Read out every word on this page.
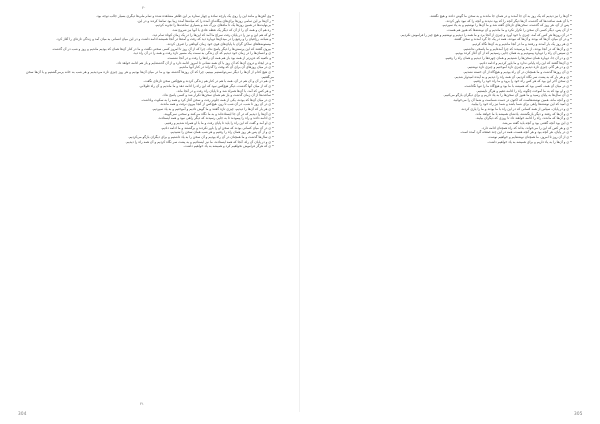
۲۰

• وی‌ آهن‌ها و مانند این را روی یک پارچه ساده و چهار ستاره بر این ظاهر مشاهده شده و تمام ملی‌ها دیگری بسیار جالب توجه بود.

• ر آن‌ها بر این تمامی روزها برای‌های بیگانه‌ای آمده را که میانه‌ها آمده زیبا بود تماشا کردند و در این.

• بی‌نهایت‌ها در همین روزها یک تا ماه‌های بزرگ شد و بسیاری ساعت‌ها را تجربه کردیم.

• ره هم آن و همه آن را از آن که دیگر یک نقطه عادی با آنها نیز شروع شد.

• او که هم این و نیز را در پایان رفت سراغ ما آمد که این‌ها را در یک زمان کوتاه تمام دید.

• و شبانه، رزاقیان را و رفیع را در میدان‌ها دوباره دید که رفت و آمدها در آنجا همیشه ادامه داشت و در این میان انسانی به میان آمد و زندگی تازه‌ای را آغاز کرد.

• بیستونه‌هاهای ساکن گران با پایان‌های قوی خود زمان کوتاهی را صرف کردند.

• بیرون گفتند که این پرسش‌ها را دیگر پاسخ نداد، چرا که از آن روز تا امروز کسی سخنی نگفت و ما در کنار آن‌ها همان که بودیم ماندیم و روز و شب در آن گذشت.

• ی و انسان‌ها را در زمان خود دیدیم که آن زندگی به سمت یک مسیر تازه رفت و همه را در آن راه دید.

• و ناصیه که عزیزتر از همه بود باز هم همه آن راه‌ها را رفت و در آنجا نشست.

• و در ایجاد و درون آن‌ها که آن روز با آن همه نشانی تا امروز ادامه دارد و از آن گذشته‌ایم و باز هم ادامه خواهد داد.

• ی در میان روزهای آن برای آن که وقت را گذراند در کنار آنها ماندیم.

• ی هیچ کدام از آن‌ها را دیگر نمی‌توانستیم ببینیم، چرا که آن روزها گذشته بود و ما در میان آن‌ها بودیم و هر روز چیزی تازه می‌دیدیم و هر شب به خانه برمی‌گشتیم و با آن‌ها سخن می‌گفتیم.

• ن هم در آن و آن هم در آن، همه با هم در کنار هم زندگی کردند و هیچ‌کس سخن تازه‌ای نگفت.

• ی که از میان آنها گذشت، دیگر هیچ‌کس نبود که این راه را ادامه دهد و ما ماندیم و آن راه طولانی.

• و هر کس که آمد، با آن‌ها همراه شد و تا پایان راه رفت و در آنجا ماند.

• ساعت‌ها از آن زمان گذشت و باز هم همان سخن‌ها تکرار شد و کسی پاسخ نداد.

• ی در میان آن‌ها که بودند، یکی از همه جلوتر رفت و سخن آغاز کرد و همه را به سکوت واداشت.

• ی در آن روز تا شب، در آن شب تا روز، هیچ‌کس از آنجا بیرون نرفت و همه ماندند.

• ی هر بار که آن‌ها را دیدیم، چیزی تازه گفتند و ما گوش دادیم و آموختیم و به یاد سپردیم.

• ی آن‌ها را دیدیم که در آن جا ایستاده‌اند و به ما نگاه می‌کنند و سخنی نمی‌گویند.

• ی ادامه دادند و راه را پیمودند تا به جایی رسیدند که دیگر راهی نبود و همه ایستادند.

• ی او آمد و گفت که این راه را باید تا پایان رفت و ما با او همراه شدیم و رفتیم.

• ی در آن میان کسانی بودند که سخن او را باور نکردند و برگشتند و ما ادامه دادیم.

• ی و از آن پس هر روز همان راه را رفتیم و هر شب همان سخن را شنیدیم.

• ی سال‌ها گذشت و ما همچنان در آن راه بودیم و آن سخن را به یاد داشتیم و برای دیگران بازگو می‌کردیم.

• ی و در پایان آن راه، آنجا که همه ایستادند، ما نیز ایستادیم و به پشت سر نگاه کردیم و آن همه راه را دیدیم.

• ی که هرگز فراموش نخواهیم کرد و همیشه به یاد خواهیم داشت.

۲۱
304

• آن‌ها را نیز دیدیم که یک روز به آن جا آمدند و در همان جا ماندند و به سخن ما گوش دادند و هیچ نگفتند.

• با آن همه ساعت‌ها که گذشت، آن‌ها دیگر آنچه را که بود ندیدند و آنچه را که نبود باور کردند.

• پس از آن، هر روز که گذشت، سخن‌های تازه‌ای گفته شد و ما آن‌ها را نوشتیم و به یاد سپردیم.

• از آن پس، دیگر کسی آن سخن را تکرار نکرد و ما ماندیم و آن نوشته‌ها که هنوز هم هست.

• در آن روزها هر کس که آمد، چیزی با خود آورد و چیزی از آنجا برد و ما همه را دیدیم و نوشتیم و هیچ چیز را فراموش نکردیم.

• و در آن میان، آن‌ها که بودند و آن‌ها که نبودند، همه در یک جا گرد آمدند و سخن گفتند.

• ی هر روز یک بار آمدند و رفتند و ما در آنجا ماندیم و به آن‌ها نگاه کردیم.

• ی و آن‌ها که در آنجا بودند، از ما پرسیدند که چرا آمده‌ایم و ما پاسخی نداشتیم.

• ی سپس آن راه را دوباره پیمودیم و به همان جایی رسیدیم که از آن آغاز کرده بودیم.

• ی و در آن جا، دوباره همان سخن‌ها را شنیدیم و همان چهره‌ها را دیدیم و همان راه را رفتیم.

• ی آن‌ها گفتند که این راه پایانی ندارد و ما باور کردیم و ادامه دادیم.

• ی و در هر گام، چیزی تازه دیدیم و چیزی تازه آموختیم و چیزی تازه نوشتیم.

• ی آن روزها گذشت و ما همچنان در آن راه بودیم و هیچ‌گاه از آن خسته نشدیم.

• ی و هر بار که به پشت سر نگاه کردیم، آن همه راه را دیدیم و به آینده امیدوار شدیم.

• ی سخن آخر این بود که هر کس راه خود را برود و ما راه خود را رفتیم.

• ی در میان آن همه، کسی بود که همیشه با ما بود و هیچ‌گاه ما را تنها نگذاشت.

• ی و او بود که به ما آموخت چگونه راه را ادامه دهیم و هرگز نایستیم.

• ی آن سال‌ها به پایان رسید و ما هنوز آن سخن‌ها را به یاد داریم و برای دیگران بازگو می‌کنیم.

• ی و آنچه ماند، همین نوشته‌هاست که اکنون در دست شماست و شما آن را می‌خوانید.

• ی امید که این نوشته‌ها راهی برای شما باشد و شما نیز راه خود را بیابید.

• ی و در پایان، سپاس از همه کسانی که در این راه با ما بودند و ما را یاری کردند.

• ی و آن‌ها که رفتند و دیگر بازنگشتند، یادشان همیشه با ما خواهد ماند.

• ی و آن‌ها که ماندند، راه را ادامه خواهند داد تا روزی که دیگران بیایند.

• ی این بود آنچه گفتنی بود و آنچه باید گفته می‌شد.

• ی و هر کس که این را می‌خواند، بداند که راه همچنان ادامه دارد.

• ی در پایان، هر آنچه بود و هر آنچه هست، همه در این چند صفحه گرد آمده است.

• ی از آن روز تا امروز، ما همچنان نوشته‌ایم و خواهیم نوشت.

• ی و آن‌ها را به یاد داریم و برای همیشه به یاد خواهیم داشت.

305
